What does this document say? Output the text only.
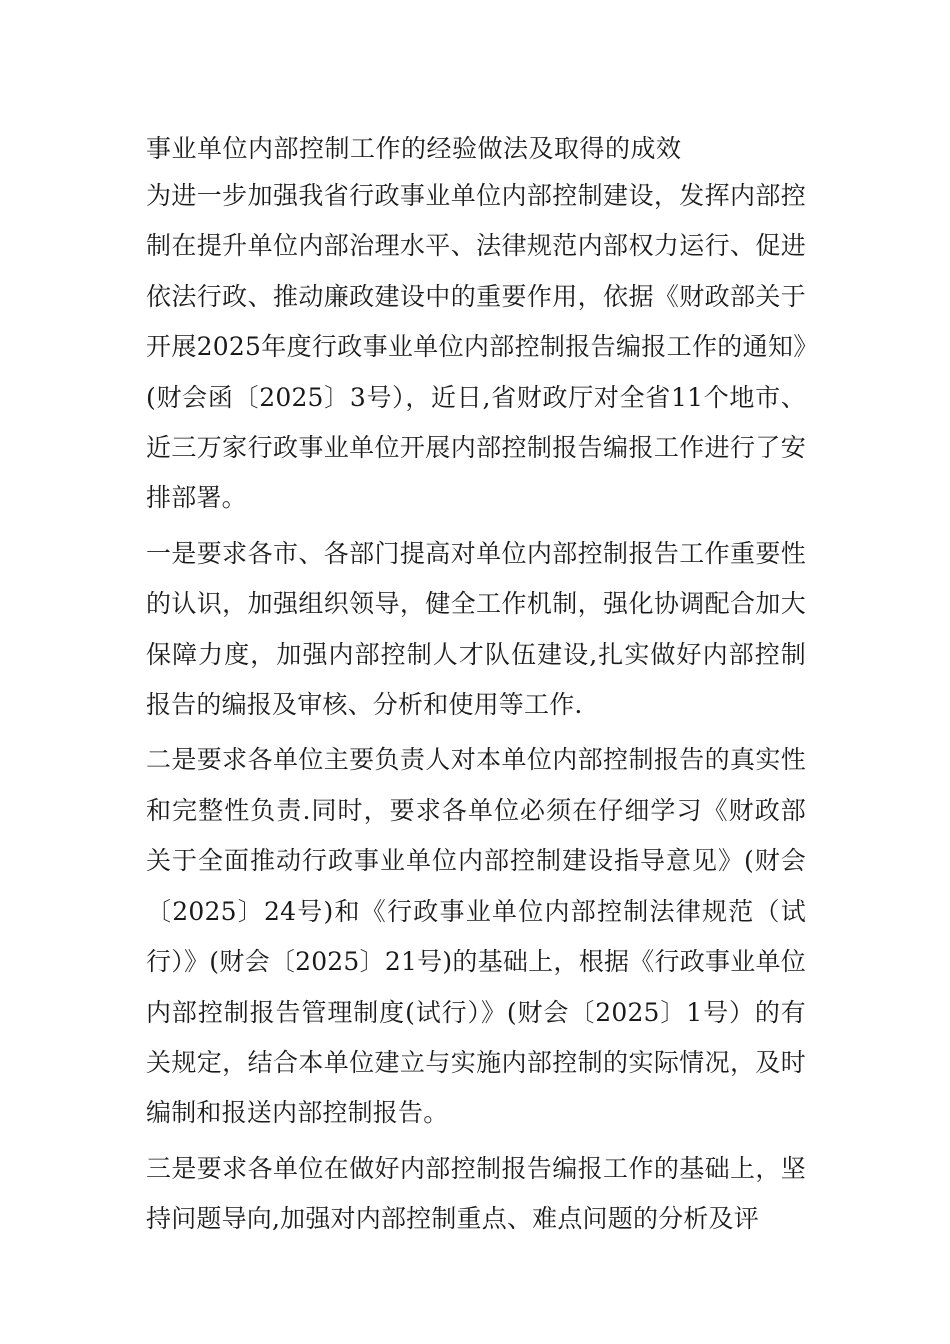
事业单位内部控制工作的经验做法及取得的成效

为进一步加强我省行政事业单位内部控制建设，发挥内部控制在提升单位内部治理水平、法律规范内部权力运行、促进依法行政、推动廉政建设中的重要作用，依据《财政部关于开展2025年度行政事业单位内部控制报告编报工作的通知》(财会函〔2025〕3号），近日,省财政厅对全省11个地市、近三万家行政事业单位开展内部控制报告编报工作进行了安排部署。

一是要求各市、各部门提高对单位内部控制报告工作重要性的认识，加强组织领导，健全工作机制，强化协调配合加大保障力度，加强内部控制人才队伍建设,扎实做好内部控制报告的编报及审核、分析和使用等工作.

二是要求各单位主要负责人对本单位内部控制报告的真实性和完整性负责.同时，要求各单位必须在仔细学习《财政部关于全面推动行政事业单位内部控制建设指导意见》(财会〔2025〕24号)和《行政事业单位内部控制法律规范（试行）》(财会〔2025〕21号)的基础上，根据《行政事业单位内部控制报告管理制度(试行）》(财会〔2025〕1号）的有关规定，结合本单位建立与实施内部控制的实际情况，及时编制和报送内部控制报告。

三是要求各单位在做好内部控制报告编报工作的基础上，坚持问题导向,加强对内部控制重点、难点问题的分析及评
